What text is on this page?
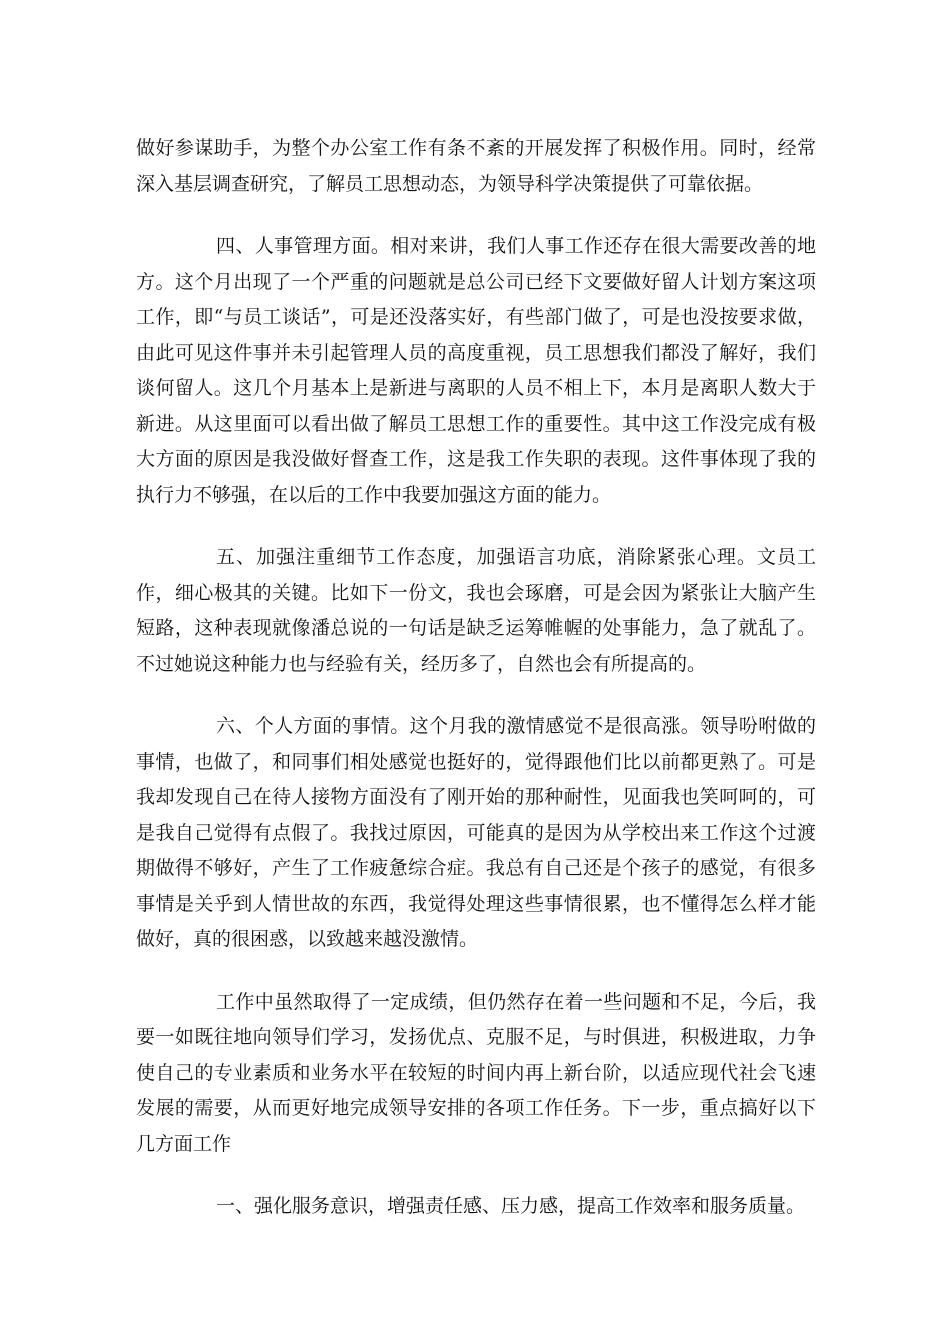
做好参谋助手，为整个办公室工作有条不紊的开展发挥了积极作用。同时，经常深入基层调查研究，了解员工思想动态，为领导科学决策提供了可靠依据。

四、人事管理方面。相对来讲，我们人事工作还存在很大需要改善的地方。这个月出现了一个严重的问题就是总公司已经下文要做好留人计划方案这项工作，即“与员工谈话”，可是还没落实好，有些部门做了，可是也没按要求做，由此可见这件事并未引起管理人员的高度重视，员工思想我们都没了解好，我们谈何留人。这几个月基本上是新进与离职的人员不相上下，本月是离职人数大于新进。从这里面可以看出做了解员工思想工作的重要性。其中这工作没完成有极大方面的原因是我没做好督查工作，这是我工作失职的表现。这件事体现了我的执行力不够强，在以后的工作中我要加强这方面的能力。

五、加强注重细节工作态度，加强语言功底，消除紧张心理。文员工作，细心极其的关键。比如下一份文，我也会琢磨，可是会因为紧张让大脑产生短路，这种表现就像潘总说的一句话是缺乏运筹帷幄的处事能力，急了就乱了。不过她说这种能力也与经验有关，经历多了，自然也会有所提高的。

六、个人方面的事情。这个月我的激情感觉不是很高涨。领导吩咐做的事情，也做了，和同事们相处感觉也挺好的，觉得跟他们比以前都更熟了。可是我却发现自己在待人接物方面没有了刚开始的那种耐性，见面我也笑呵呵的，可是我自己觉得有点假了。我找过原因，可能真的是因为从学校出来工作这个过渡期做得不够好，产生了工作疲惫综合症。我总有自己还是个孩子的感觉，有很多事情是关乎到人情世故的东西，我觉得处理这些事情很累，也不懂得怎么样才能做好，真的很困惑，以致越来越没激情。

工作中虽然取得了一定成绩，但仍然存在着一些问题和不足，今后，我要一如既往地向领导们学习，发扬优点、克服不足，与时俱进，积极进取，力争使自己的专业素质和业务水平在较短的时间内再上新台阶，以适应现代社会飞速发展的需要，从而更好地完成领导安排的各项工作任务。下一步，重点搞好以下几方面工作

一、强化服务意识，增强责任感、压力感，提高工作效率和服务质量。
